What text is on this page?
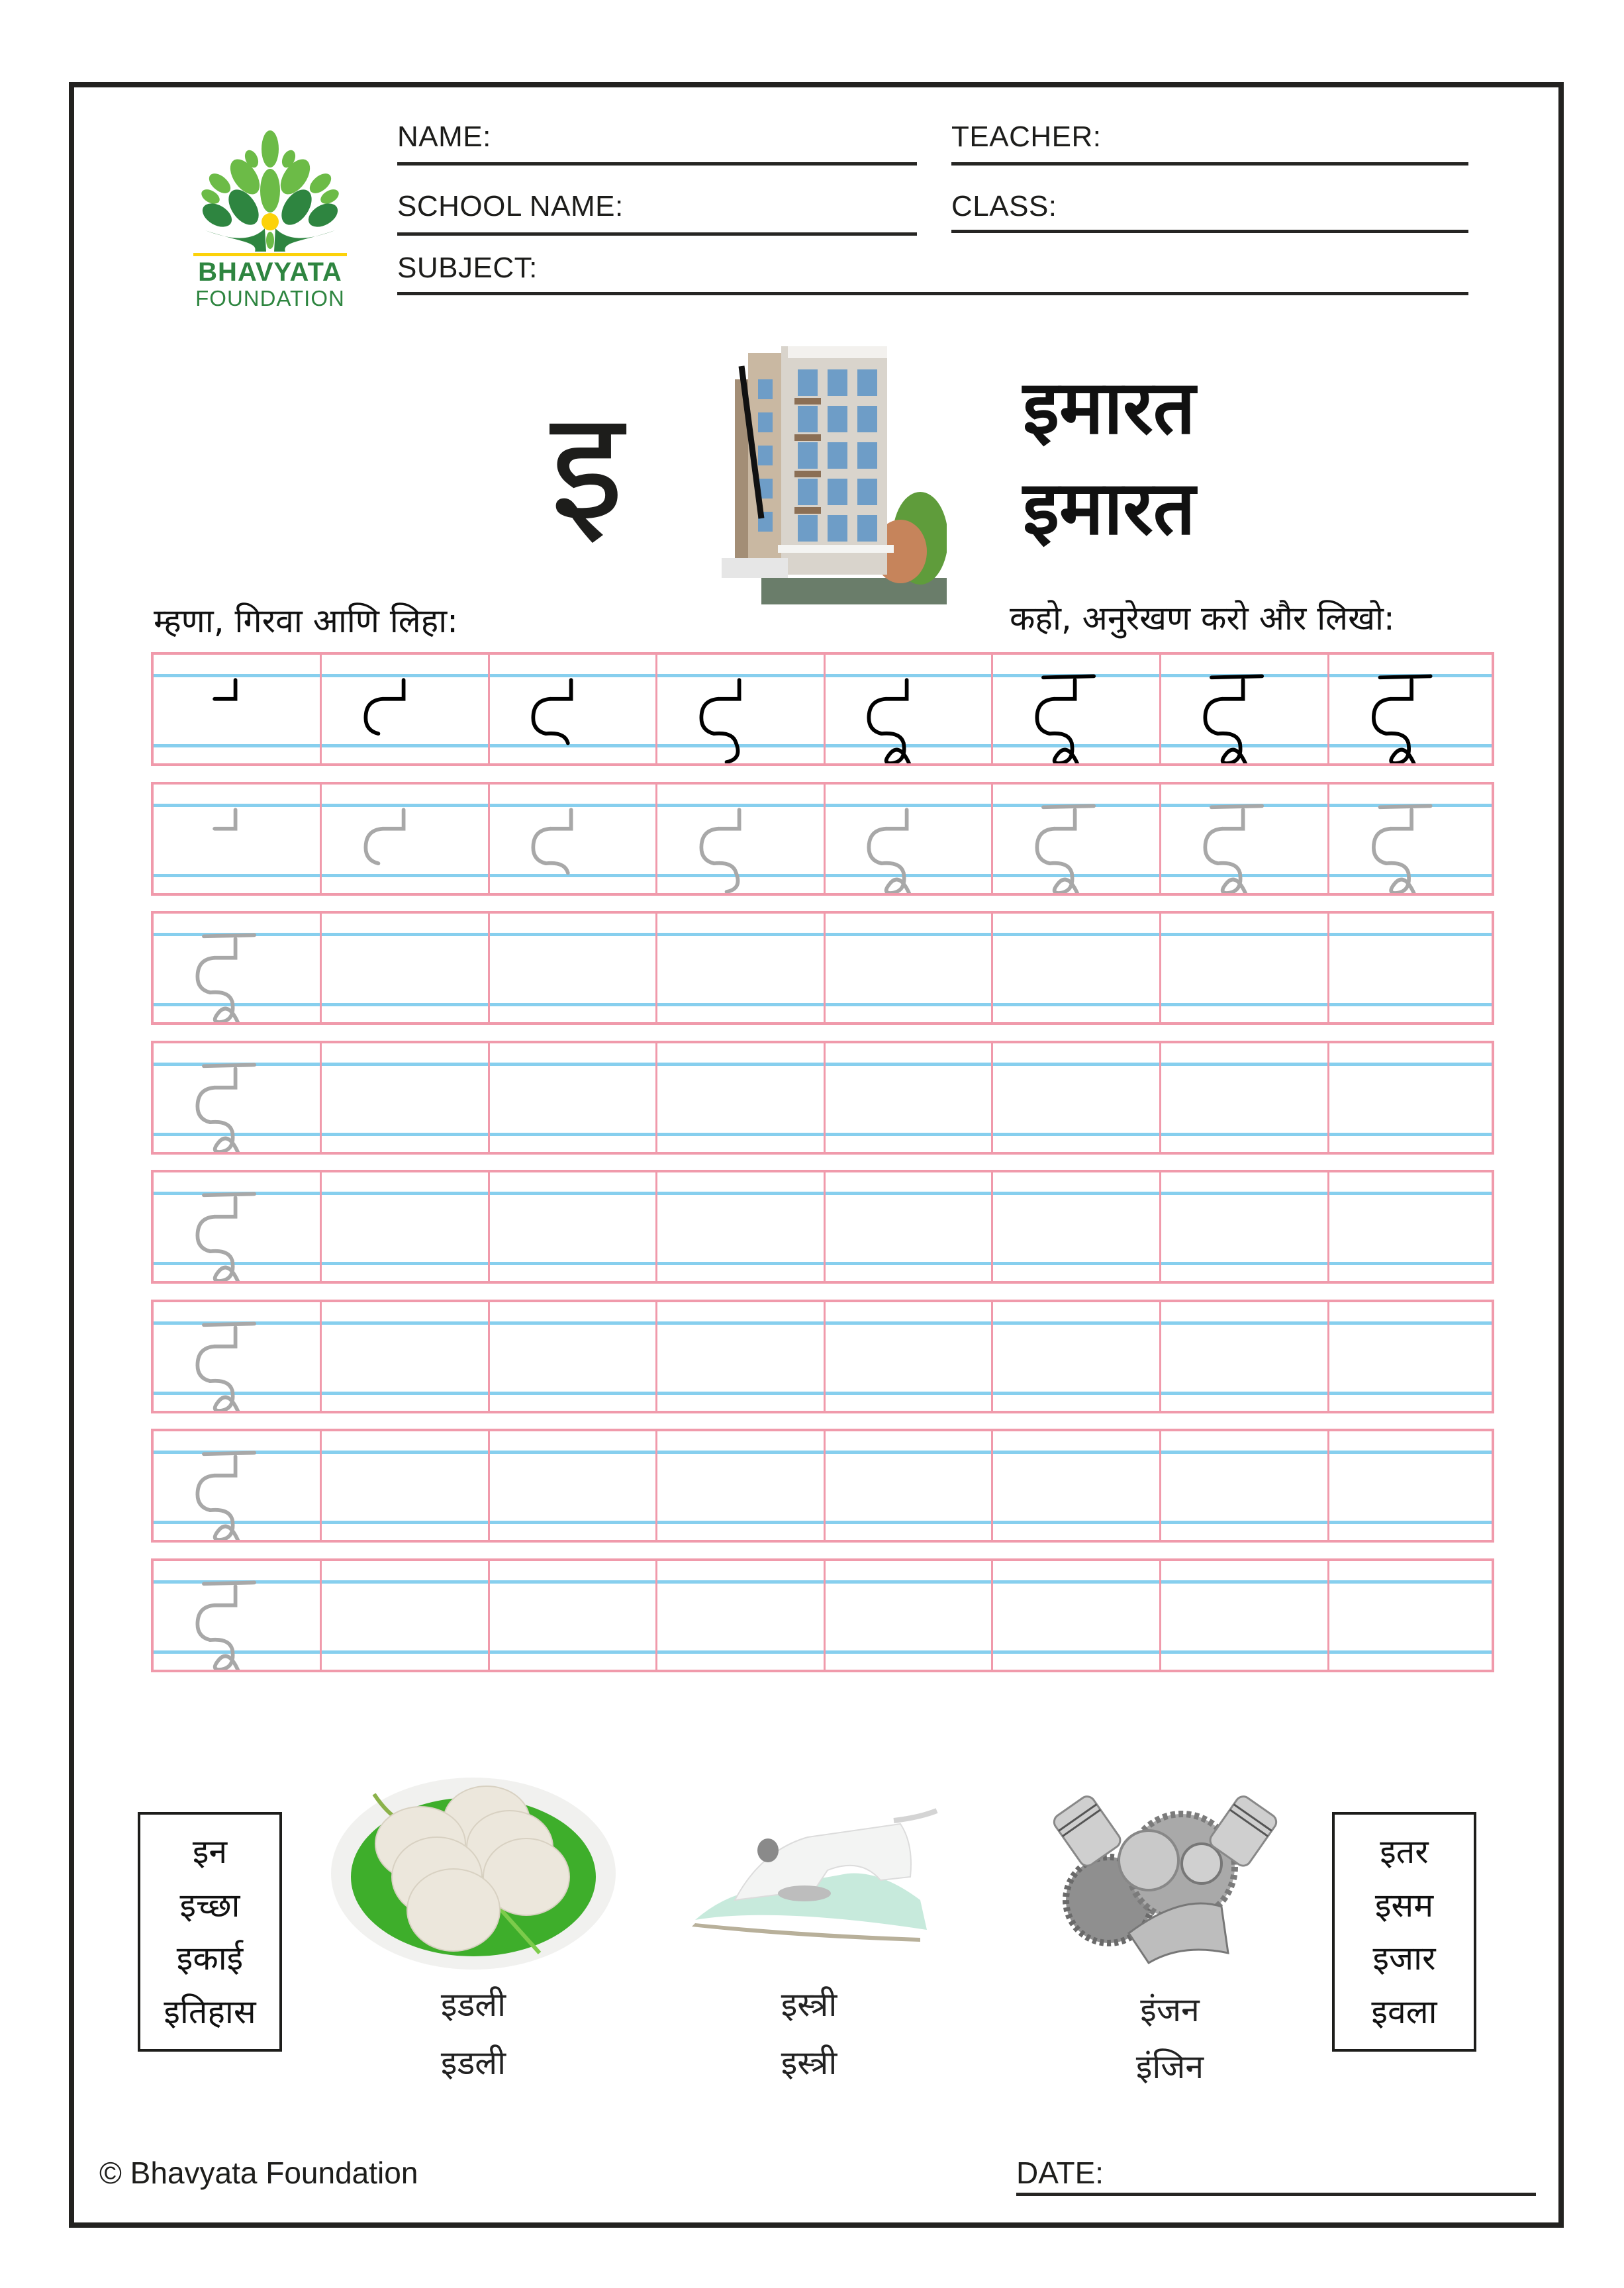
BHAVYATA
FOUNDATION
NAME:	TEACHER:
SCHOOL NAME:	CLASS:
SUBJECT:
इ	इमारत
इमारत
म्हणा, गिरवा आणि लिहा:	कहो, अनुरेखण करो और लिखो:
इन
इच्छा
इकाई
इतिहास	इडली
इडली
इस्त्री
इस्त्री
इंजन
इंजिन
इतर
इसम
इजार
इवला
© Bhavyata Foundation	DATE:
